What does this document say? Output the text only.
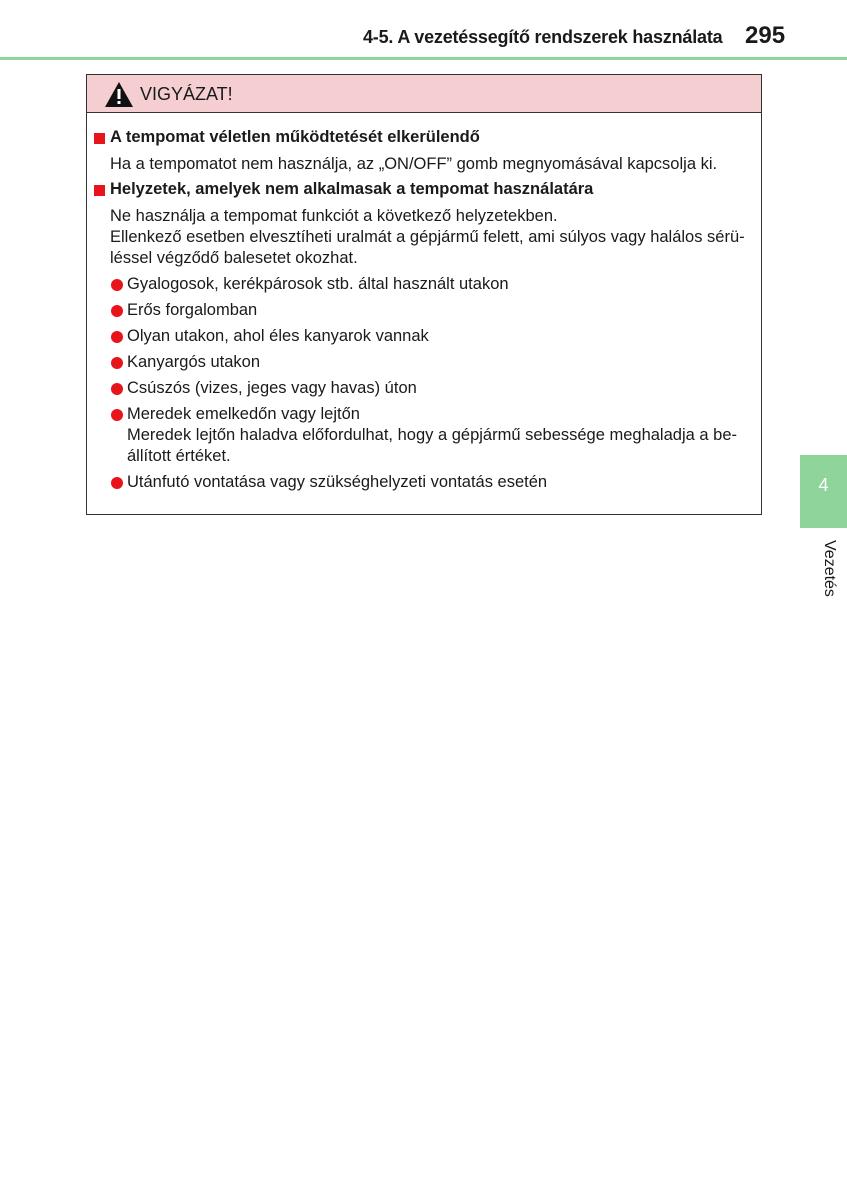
4-5. A vezetéssegítő rendszerek használata 295
VIGYÁZAT!
A tempomat véletlen működtetését elkerülendő
Ha a tempomatot nem használja, az „ON/OFF” gomb megnyomásával kapcsolja ki.
Helyzetek, amelyek nem alkalmasak a tempomat használatára
Ne használja a tempomat funkciót a következő helyzetekben.
Ellenkező esetben elvesztíheti uralmát a gépjármű felett, ami súlyos vagy halálos sérü-
léssel végződő balesetet okozhat.
Gyalogosok, kerékpárosok stb. által használt utakon
Erős forgalomban
Olyan utakon, ahol éles kanyarok vannak
Kanyargós utakon
Csúszós (vizes, jeges vagy havas) úton
Meredek emelkedőn vagy lejtőn
Meredek lejtőn haladva előfordulhat, hogy a gépjármű sebessége meghaladja a be-
állított értéket.
Utánfutó vontatása vagy szükséghelyzeti vontatás esetén	4
Vezetés
